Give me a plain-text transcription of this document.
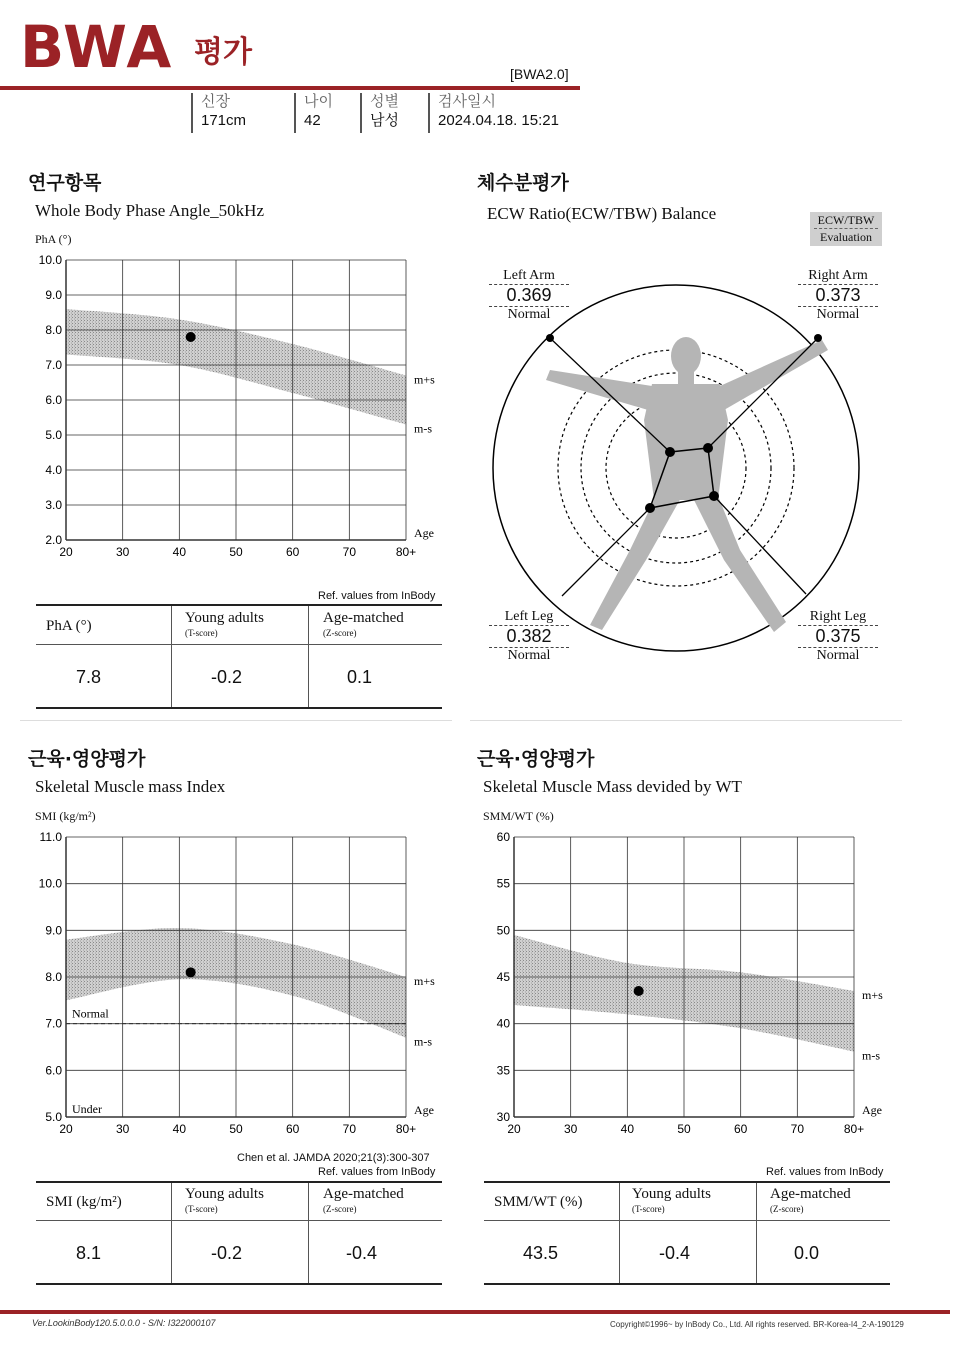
BWA 평가
[BWA2.0]
신장
171cm
나이
42
성별
남성
검사일시
2024.04.18. 15:21
연구항목
Whole Body Phase Angle_50kHz
PhA (°)
20	30	40	50	60	70	80+
10.0
9.0
8.0
7.0
6.0
5.0
4.0
3.0
2.0
m+s
m-s
Age
Ref. values from InBody
PhA (°)	Young adults
(T-score)
Age-matched
(Z-score)
7.8	-0.2	0.1
체수분평가
ECW Ratio(ECW/TBW) Balance	ECW/TBW
Evaluation
Left Arm
0.369
Normal
Right Arm
0.373
Normal
Left Leg
0.382
Normal
Right Leg
0.375
Normal
근육·영양평가
Skeletal Muscle mass Index
SMI (kg/m²)
Normal
Under
20	30	40	50	60	70	80+
11.0
10.0
9.0
8.0
7.0
6.0
5.0
m+s
m-s
Age
Chen et al. JAMDA 2020;21(3):300-307
Ref. values from InBody
SMI (kg/m²)	Young adults
(T-score)
Age-matched
(Z-score)
8.1	-0.2	-0.4
근육·영양평가
Skeletal Muscle Mass devided by WT
SMM/WT (%)
20	30	40	50	60	70	80+
60
55
50
45
40
35
30
m+s
m-s
Age
Ref. values from InBody
SMM/WT (%)	Young adults
(T-score)
Age-matched
(Z-score)
43.5	-0.4	0.0
Ver.LookinBody120.5.0.0.0 - S/N: I322000107	Copyright©1996~ by InBody Co., Ltd. All rights reserved. BR-Korea-I4_2-A-190129
